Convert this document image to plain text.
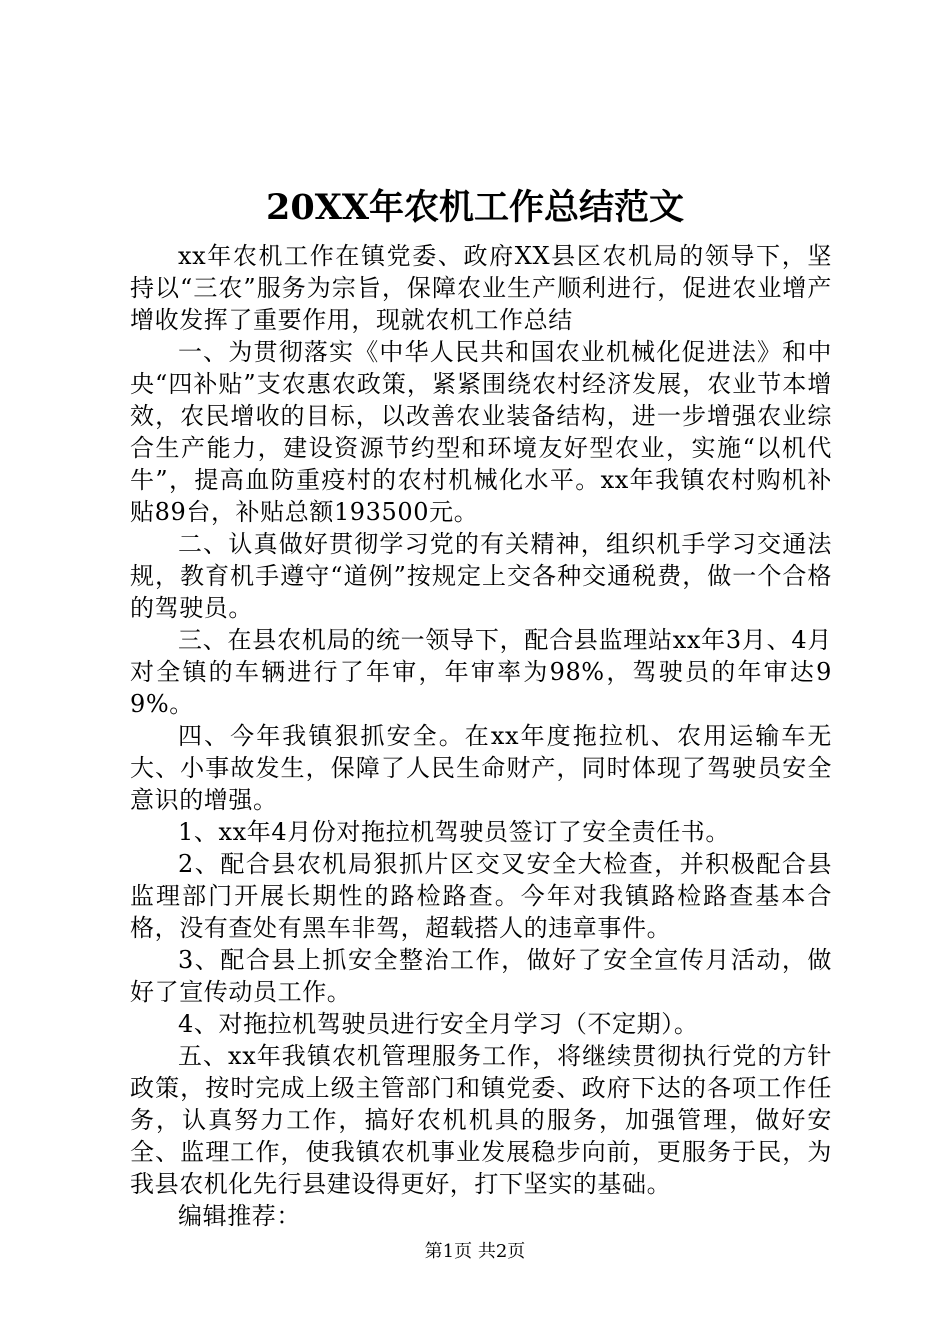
20XX年农机工作总结范文

xx年农机工作在镇党委、政府XX县区农机局的领导下，坚持以“三农”服务为宗旨，保障农业生产顺利进行，促进农业增产增收发挥了重要作用，现就农机工作总结

一、为贯彻落实《中华人民共和国农业机械化促进法》和中央“四补贴”支农惠农政策，紧紧围绕农村经济发展，农业节本增效，农民增收的目标，以改善农业装备结构，进一步增强农业综合生产能力，建设资源节约型和环境友好型农业，实施“以机代牛”，提高血防重疫村的农村机械化水平。xx年我镇农村购机补贴89台，补贴总额193500元。

二、认真做好贯彻学习党的有关精神，组织机手学习交通法规，教育机手遵守“道例”按规定上交各种交通税费，做一个合格的驾驶员。

三、在县农机局的统一领导下，配合县监理站xx年3月、4月对全镇的车辆进行了年审，年审率为98%，驾驶员的年审达99%。

四、今年我镇狠抓安全。在xx年度拖拉机、农用运输车无大、小事故发生，保障了人民生命财产，同时体现了驾驶员安全意识的增强。

1、xx年4月份对拖拉机驾驶员签订了安全责任书。

2、配合县农机局狠抓片区交叉安全大检查，并积极配合县监理部门开展长期性的路检路查。今年对我镇路检路查基本合格，没有查处有黑车非驾，超载搭人的违章事件。

3、配合县上抓安全整治工作，做好了安全宣传月活动，做好了宣传动员工作。

4、对拖拉机驾驶员进行安全月学习（不定期）。

五、xx年我镇农机管理服务工作，将继续贯彻执行党的方针政策，按时完成上级主管部门和镇党委、政府下达的各项工作任务，认真努力工作，搞好农机机具的服务，加强管理，做好安全、监理工作，使我镇农机事业发展稳步向前，更服务于民，为我县农机化先行县建设得更好，打下坚实的基础。

编辑推荐：

第1页 共2页
